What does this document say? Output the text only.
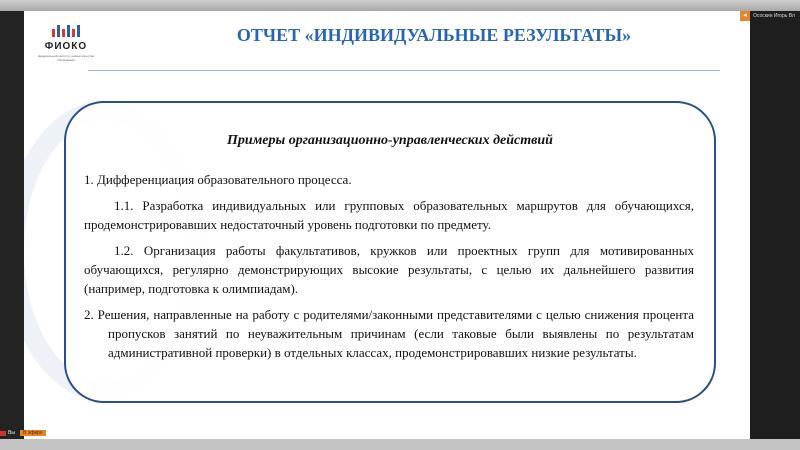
ФИОКО
федеральный институт оценки качества образования
ОТЧЕТ «ИНДИВИДУАЛЬНЫЕ РЕЗУЛЬТАТЫ»
Примеры организационно-управленческих действий
1. Дифференциация образовательного процесса.
1.1. Разработка индивидуальных или групповых образовательных маршрутов для обучающихся, продемонстрировавших недостаточный уровень подготовки по предмету.
1.2. Организация работы факультативов, кружков или проектных групп для мотивированных обучающихся, регулярно демонстрирующих высокие результаты, с целью их дальнейшего развития (например, подготовка к олимпиадам).
2. Решения, направленные на работу с родителями/законными представителями с целью снижения процента пропусков занятий по неуважительным причинам (если таковые были выявлены по результатам административной проверки) в отдельных классах, продемонстрировавших низкие результаты.
◂	Ососкин Игорь Вл
Вы	В эфире
